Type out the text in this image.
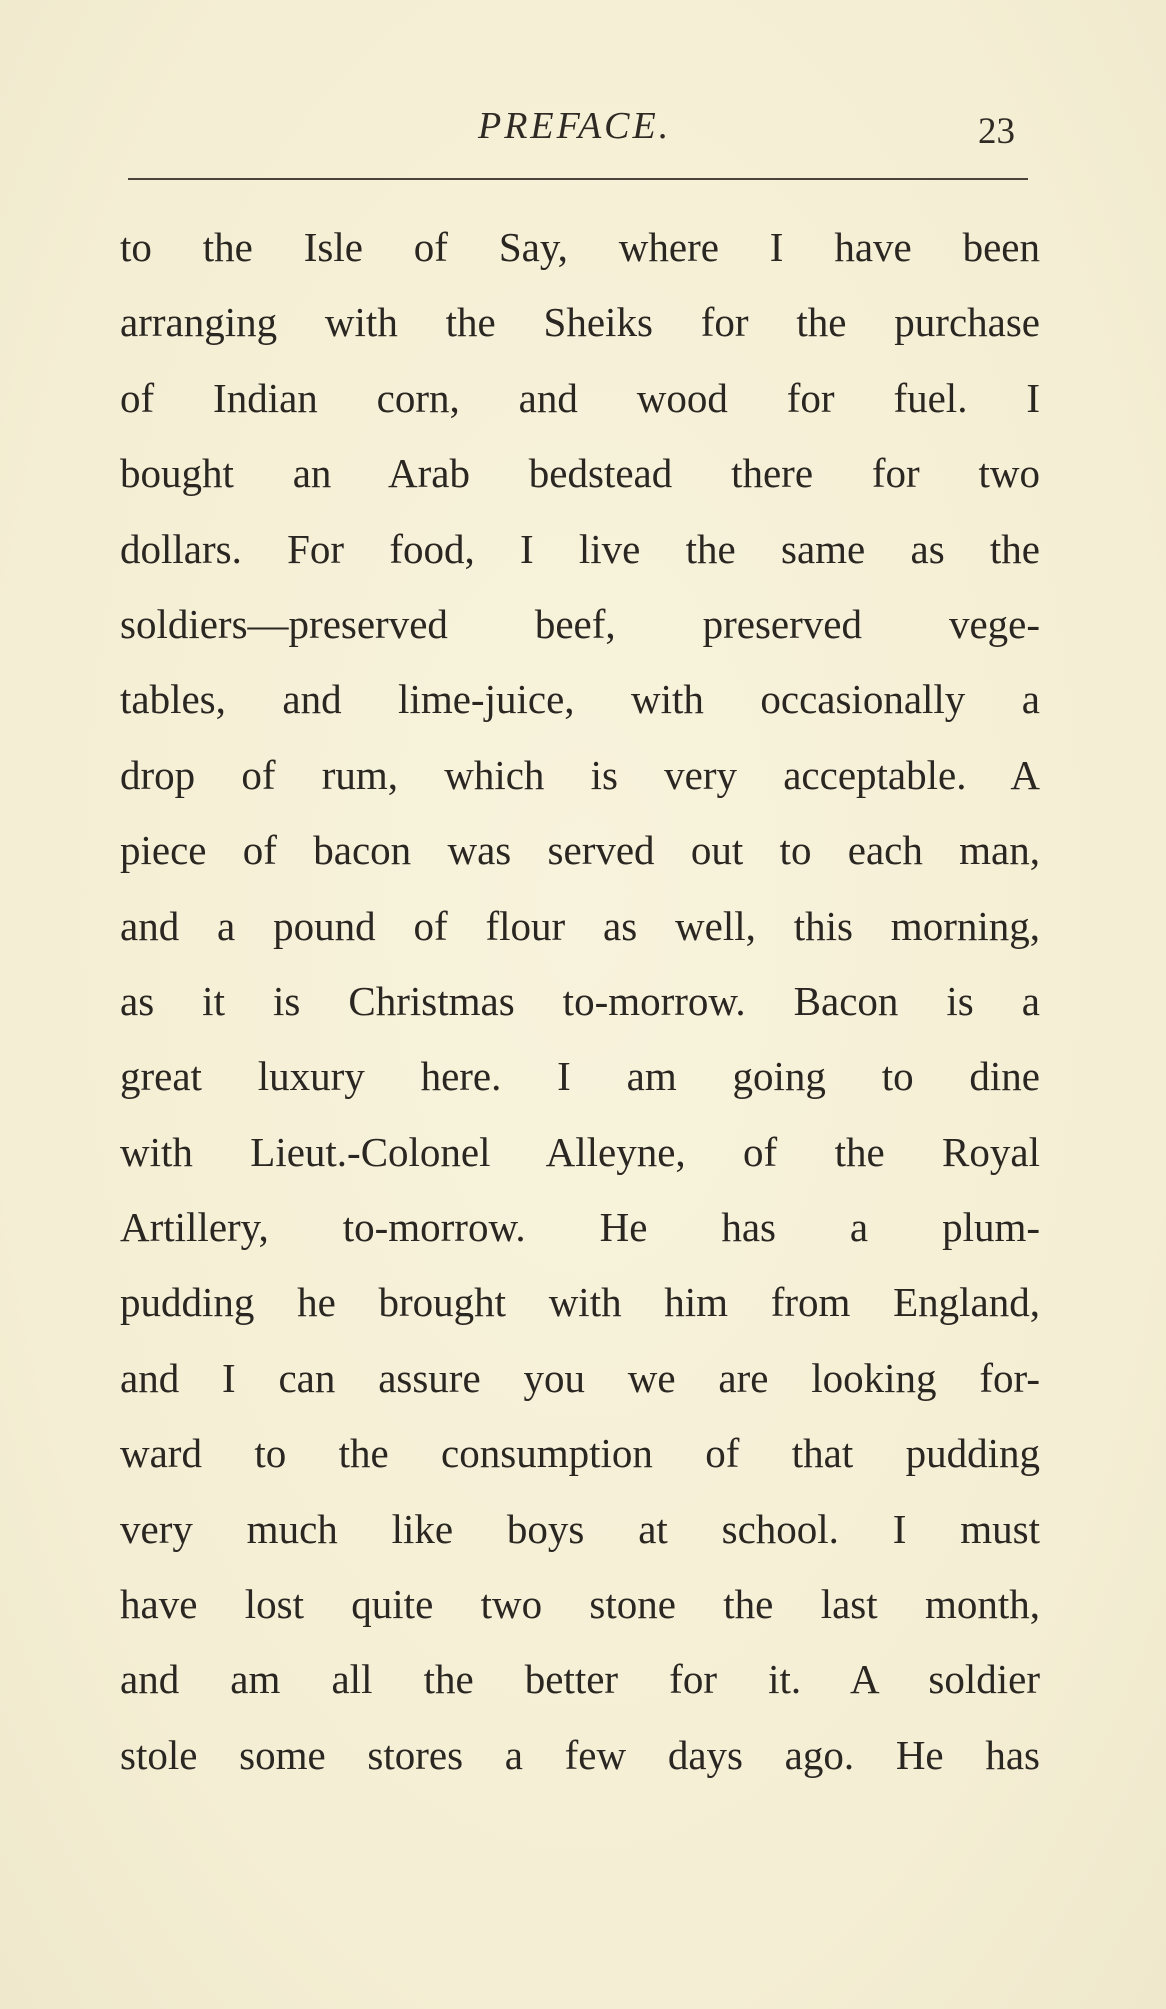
PREFACE.	23
to the Isle of Say, where I have been
arranging with the Sheiks for the purchase
of Indian corn, and wood for fuel. I
bought an Arab bedstead there for two
dollars. For food, I live the same as the
soldiers—preserved beef, preserved vege-
tables, and lime-juice, with occasionally a
drop of rum, which is very acceptable. A
piece of bacon was served out to each man,
and a pound of flour as well, this morning,
as it is Christmas to-morrow. Bacon is a
great luxury here. I am going to dine
with Lieut.-Colonel Alleyne, of the Royal
Artillery, to-morrow. He has a plum-
pudding he brought with him from England,
and I can assure you we are looking for-
ward to the consumption of that pudding
very much like boys at school. I must
have lost quite two stone the last month,
and am all the better for it. A soldier
stole some stores a few days ago. He has
